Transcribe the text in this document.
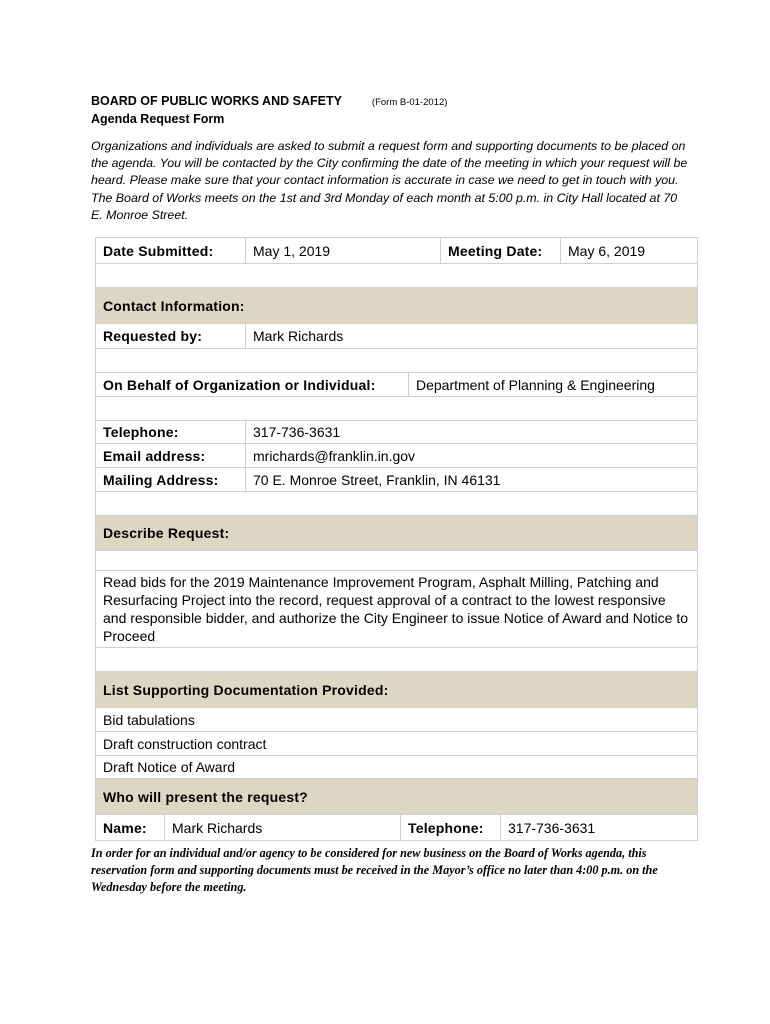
BOARD OF PUBLIC WORKS AND SAFETY	(Form B-01-2012)
Agenda Request Form
Organizations and individuals are asked to submit a request form and supporting documents to be placed on the agenda. You will be contacted by the City confirming the date of the meeting in which your request will be heard. Please make sure that your contact information is accurate in case we need to get in touch with you. The Board of Works meets on the 1st and 3rd Monday of each month at 5:00 p.m. in City Hall located at 70 E. Monroe Street.
Date Submitted:	May 1, 2019	Meeting Date:	May 6, 2019
Contact Information:
Requested by:	Mark Richards
On Behalf of Organization or Individual:	Department of Planning & Engineering
Telephone:	317-736-3631
Email address:	mrichards@franklin.in.gov
Mailing Address:	70 E. Monroe Street, Franklin, IN 46131
Describe Request:
Read bids for the 2019 Maintenance Improvement Program, Asphalt Milling, Patching and Resurfacing Project into the record, request approval of a contract to the lowest responsive and responsible bidder, and authorize the City Engineer to issue Notice of Award and Notice to Proceed
List Supporting Documentation Provided:
Bid tabulations
Draft construction contract
Draft Notice of Award
Who will present the request?
Name:	Mark Richards	Telephone:	317-736-3631
In order for an individual and/or agency to be considered for new business on the Board of Works agenda, this reservation form and supporting documents must be received in the Mayor’s office no later than 4:00 p.m. on the Wednesday before the meeting.
